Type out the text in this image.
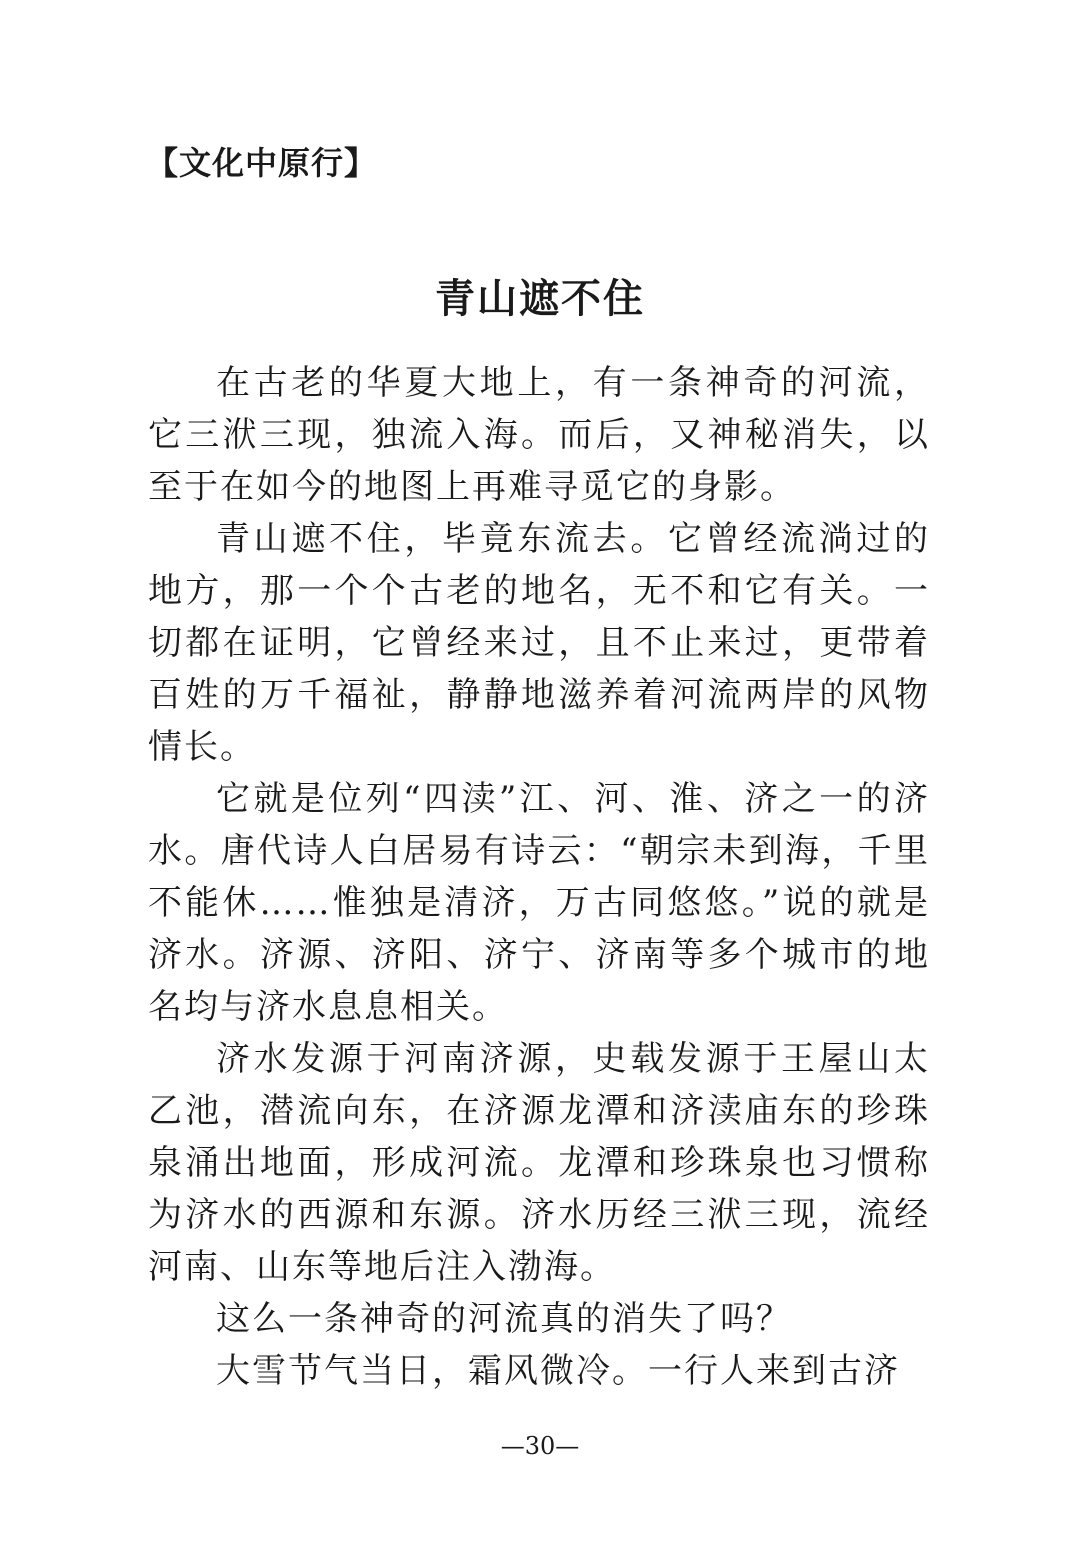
【文化中原行】
青山遮不住

在古老的华夏大地上，有一条神奇的河流，它三洑三现，独流入海。而后，又神秘消失，以至于在如今的地图上再难寻觅它的身影。

青山遮不住，毕竟东流去。它曾经流淌过的地方，那一个个古老的地名，无不和它有关。一切都在证明，它曾经来过，且不止来过，更带着百姓的万千福祉，静静地滋养着河流两岸的风物情长。

它就是位列“四渎”江、河、淮、济之一的济水。唐代诗人白居易有诗云：“朝宗未到海，千里不能休……惟独是清济，万古同悠悠。”说的就是济水。济源、济阳、济宁、济南等多个城市的地名均与济水息息相关。

济水发源于河南济源，史载发源于王屋山太乙池，潜流向东，在济源龙潭和济渎庙东的珍珠泉涌出地面，形成河流。龙潭和珍珠泉也习惯称为济水的西源和东源。济水历经三洑三现，流经河南、山东等地后注入渤海。

这么一条神奇的河流真的消失了吗？

大雪节气当日，霜风微冷。一行人来到古济

—30—
